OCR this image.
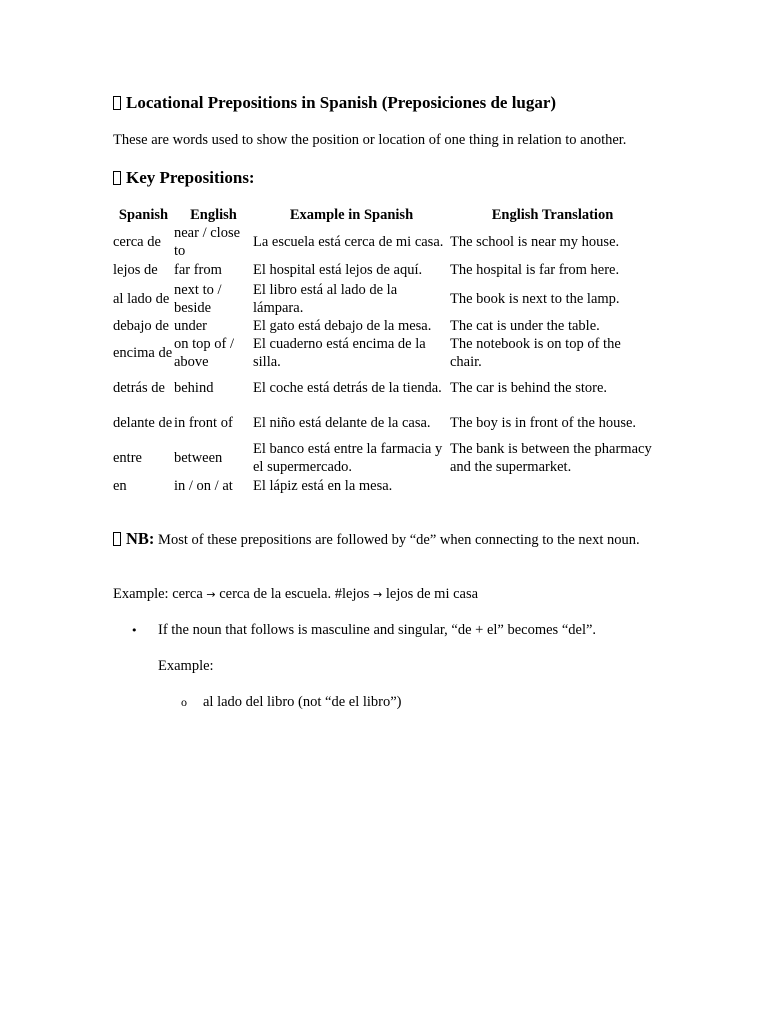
Locational Prepositions in Spanish (Preposiciones de lugar)

These are words used to show the position or location of one thing in relation to another.

Key Prepositions:
Spanish	English	Example in Spanish	English Translation
cerca de	near / close to	La escuela está cerca de mi casa.	The school is near my house.
lejos de	far from	El hospital está lejos de aquí.	The hospital is far from here.
al lado de	next to / beside	El libro está al lado de la lámpara.	The book is next to the lamp.
debajo de	under	El gato está debajo de la mesa.	The cat is under the table.
encima de	on top of / above	El cuaderno está encima de la silla.	The notebook is on top of the chair.
detrás de	behind	El coche está detrás de la tienda.	The car is behind the store.
delante de	in front of	El niño está delante de la casa.	The boy is in front of the house.
entre	between	El banco está entre la farmacia y el supermercado.	The bank is between the pharmacy and the supermarket.
en	in / on / at	El lápiz está en la mesa.	

NB: Most of these prepositions are followed by “de” when connecting to the next noun.

Example: cerca → cerca de la escuela. #lejos → lejos de mi casa

• If the noun that follows is masculine and singular, “de + el” becomes “del”.

Example:

o al lado del libro (not “de el libro”)
